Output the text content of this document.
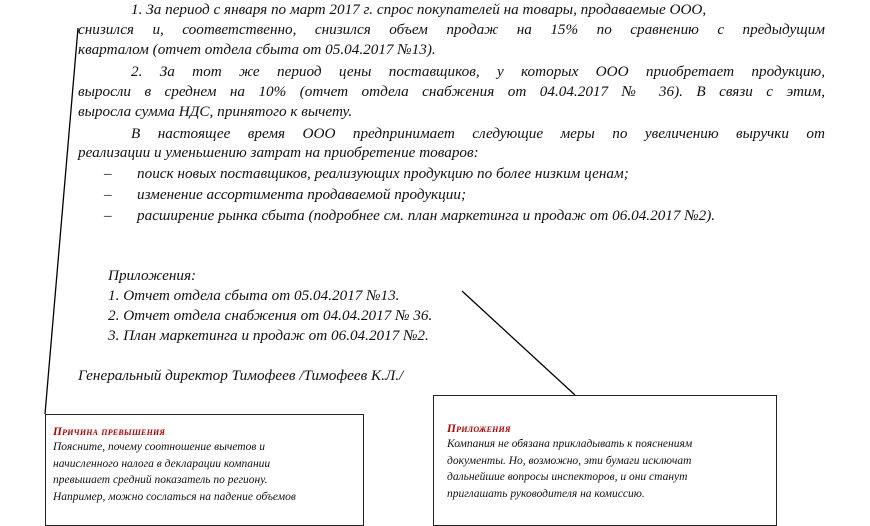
1. За период с января по март 2017 г. спрос покупателей на товары, продаваемые ООО,
снизился и, соответственно, снизился объем продаж на 15% по сравнению с предыдущим
кварталом (отчет отдела сбыта от 05.04.2017 №13).
2. За тот же период цены поставщиков, у которых ООО приобретает продукцию,
выросли в среднем на 10% (отчет отдела снабжения от 04.04.2017 № 36). В связи с этим,
выросла сумма НДС, принятого к вычету.
В настоящее время ООО предпринимает следующие меры по увеличению выручки от
реализации и уменьшению затрат на приобретение товаров:
– поиск новых поставщиков, реализующих продукцию по более низким ценам;
– изменение ассортимента продаваемой продукции;
– расширение рынка сбыта (подробнее см. план маркетинга и продаж от 06.04.2017 №2).
Приложения:
1. Отчет отдела сбыта от 05.04.2017 №13.
2. Отчет отдела снабжения от 04.04.2017 № 36.
3. План маркетинга и продаж от 06.04.2017 №2.
Генеральный директор Тимофеев /Тимофеев К.Л./
Причина превышения
Поясните, почему соотношение вычетов и
начисленного налога в декларации компании
превышает средний показатель по региону.
Например, можно сослаться на падение объемов
Приложения
Компания не обязана прикладывать к пояснениям
документы. Но, возможно, эти бумаги исключат
дальнейшие вопросы инспекторов, и они станут
приглашать руководителя на комиссию.
